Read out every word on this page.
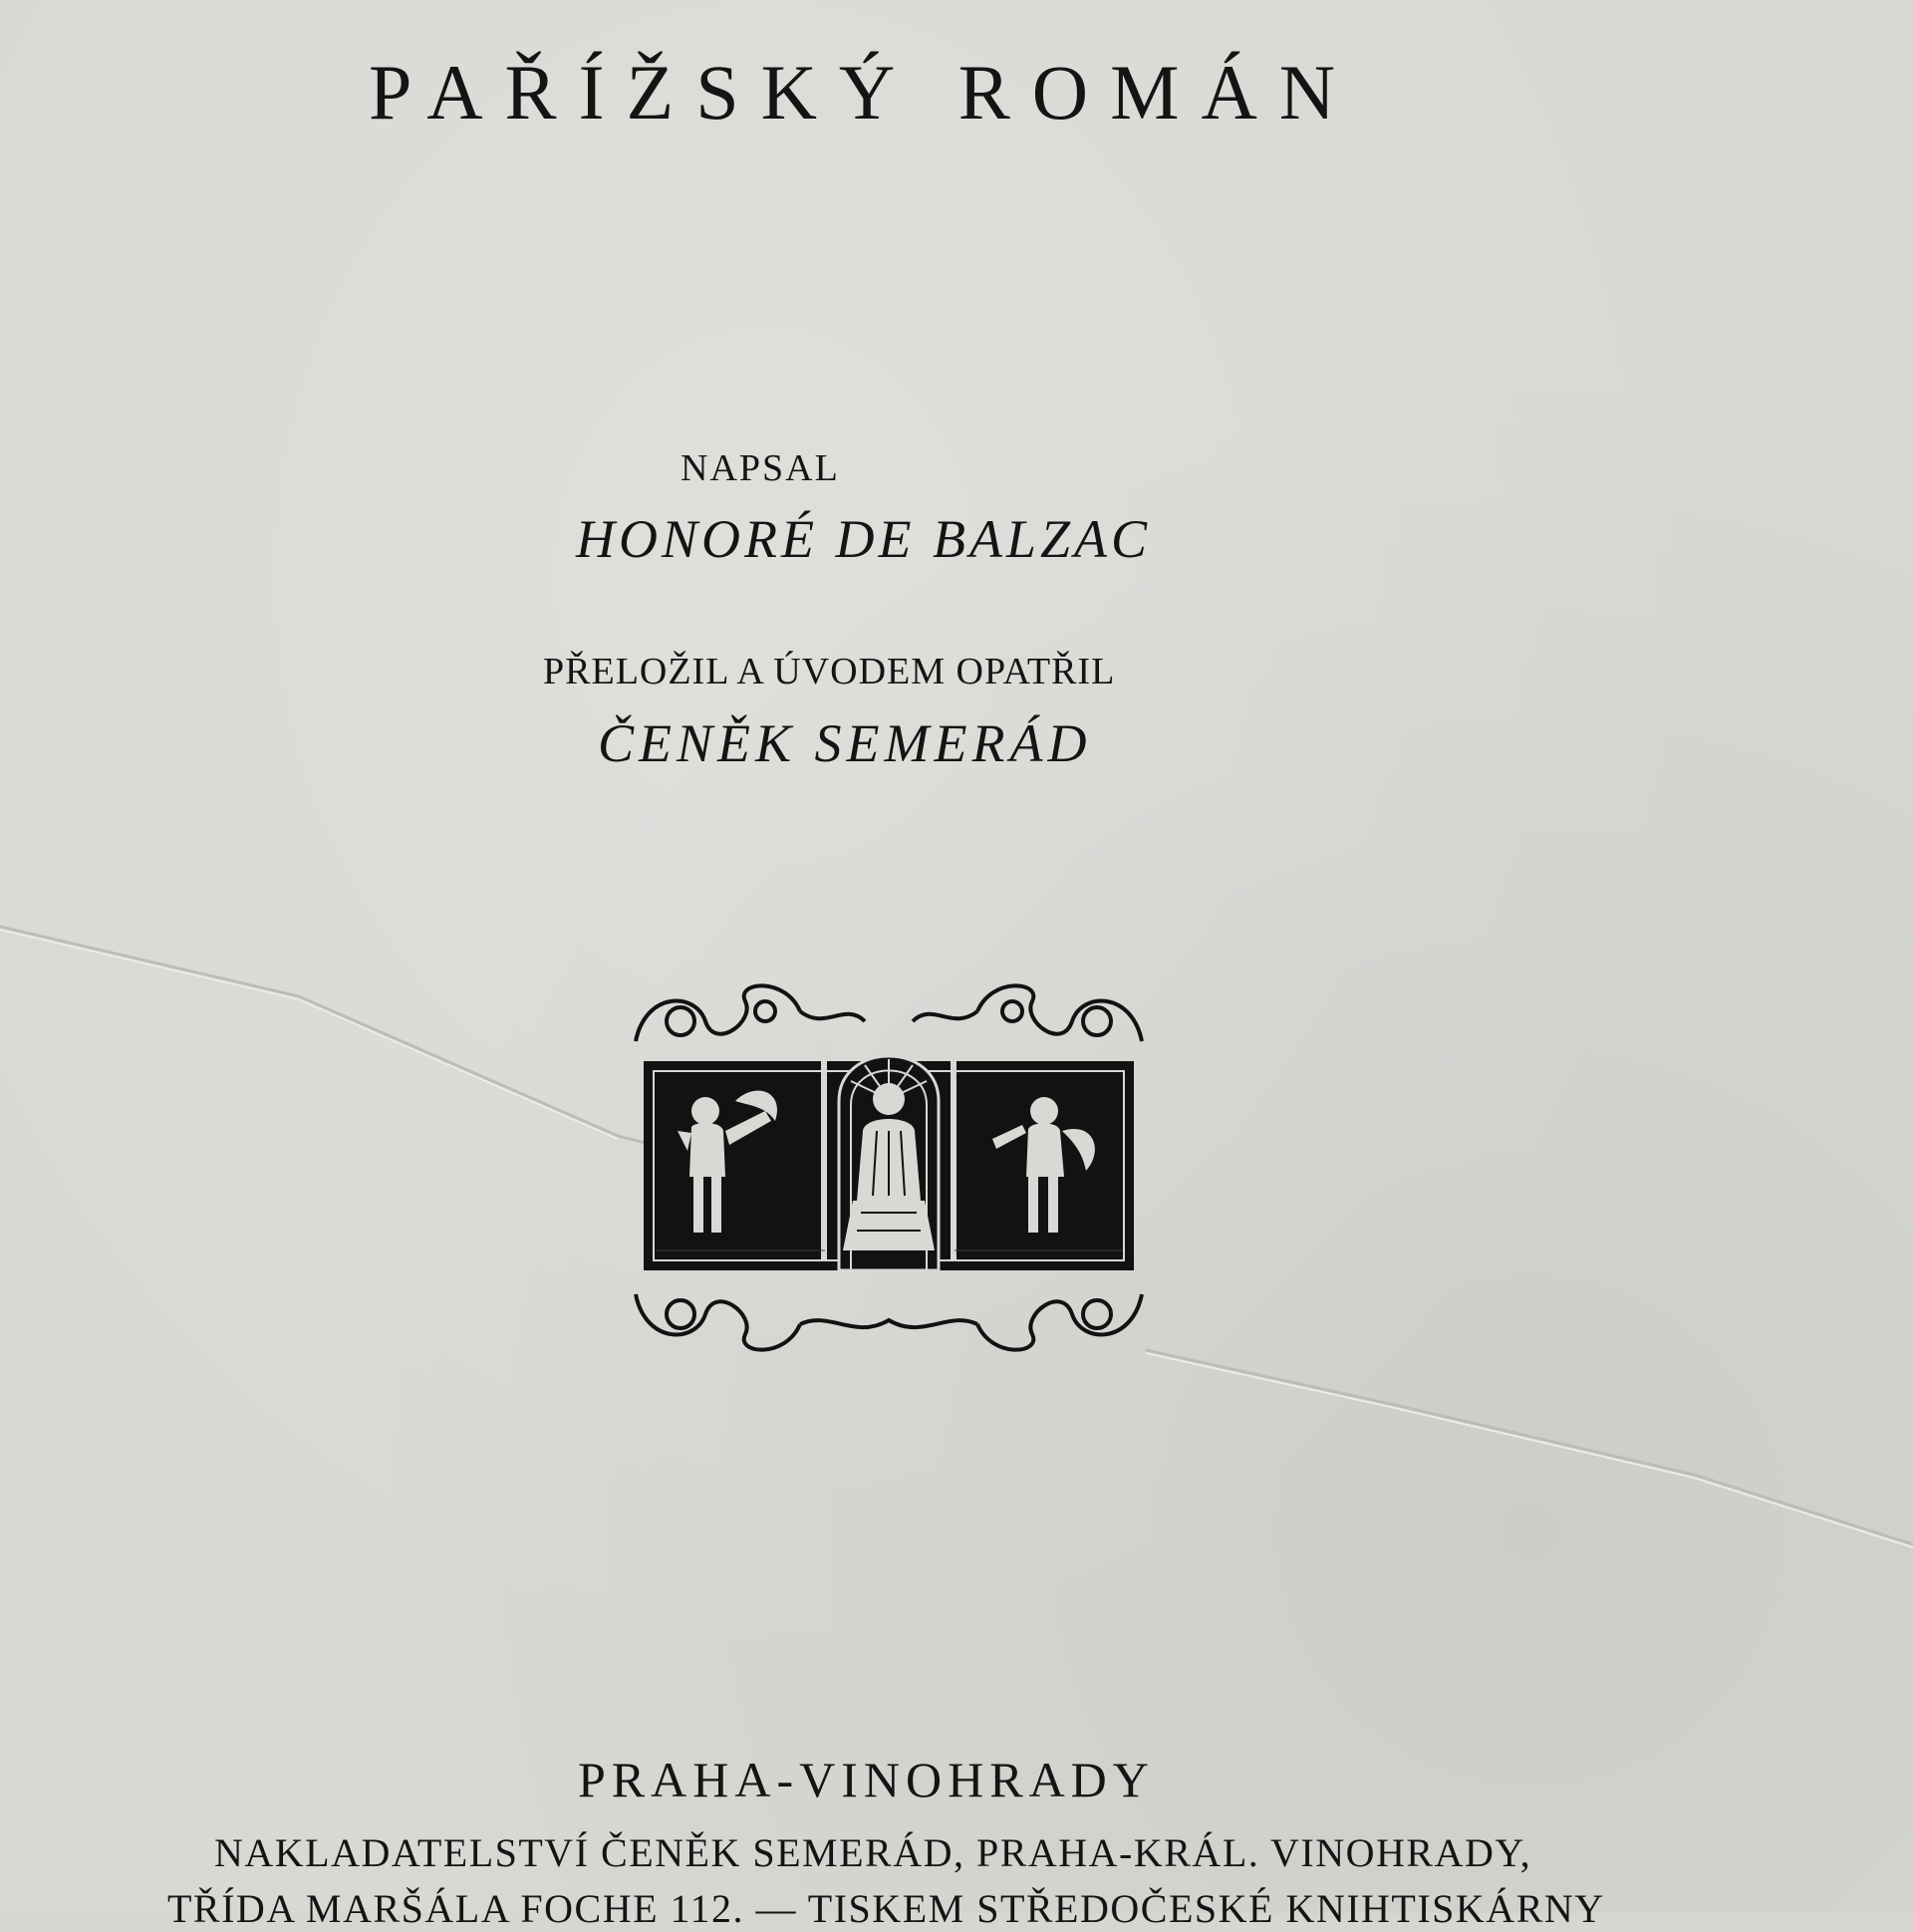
PAŘÍŽSKÝ ROMÁN
NAPSAL
HONORÉ DE BALZAC
PŘELOŽIL A ÚVODEM OPATŘIL
ČENĚK SEMERÁD
PRAHA-VINOHRADY
NAKLADATELSTVÍ ČENĚK SEMERÁD, PRAHA-KRÁL. VINOHRADY,
TŘÍDA MARŠÁLA FOCHE 112. — TISKEM STŘEDOČESKÉ KNIHTISKÁRNY
